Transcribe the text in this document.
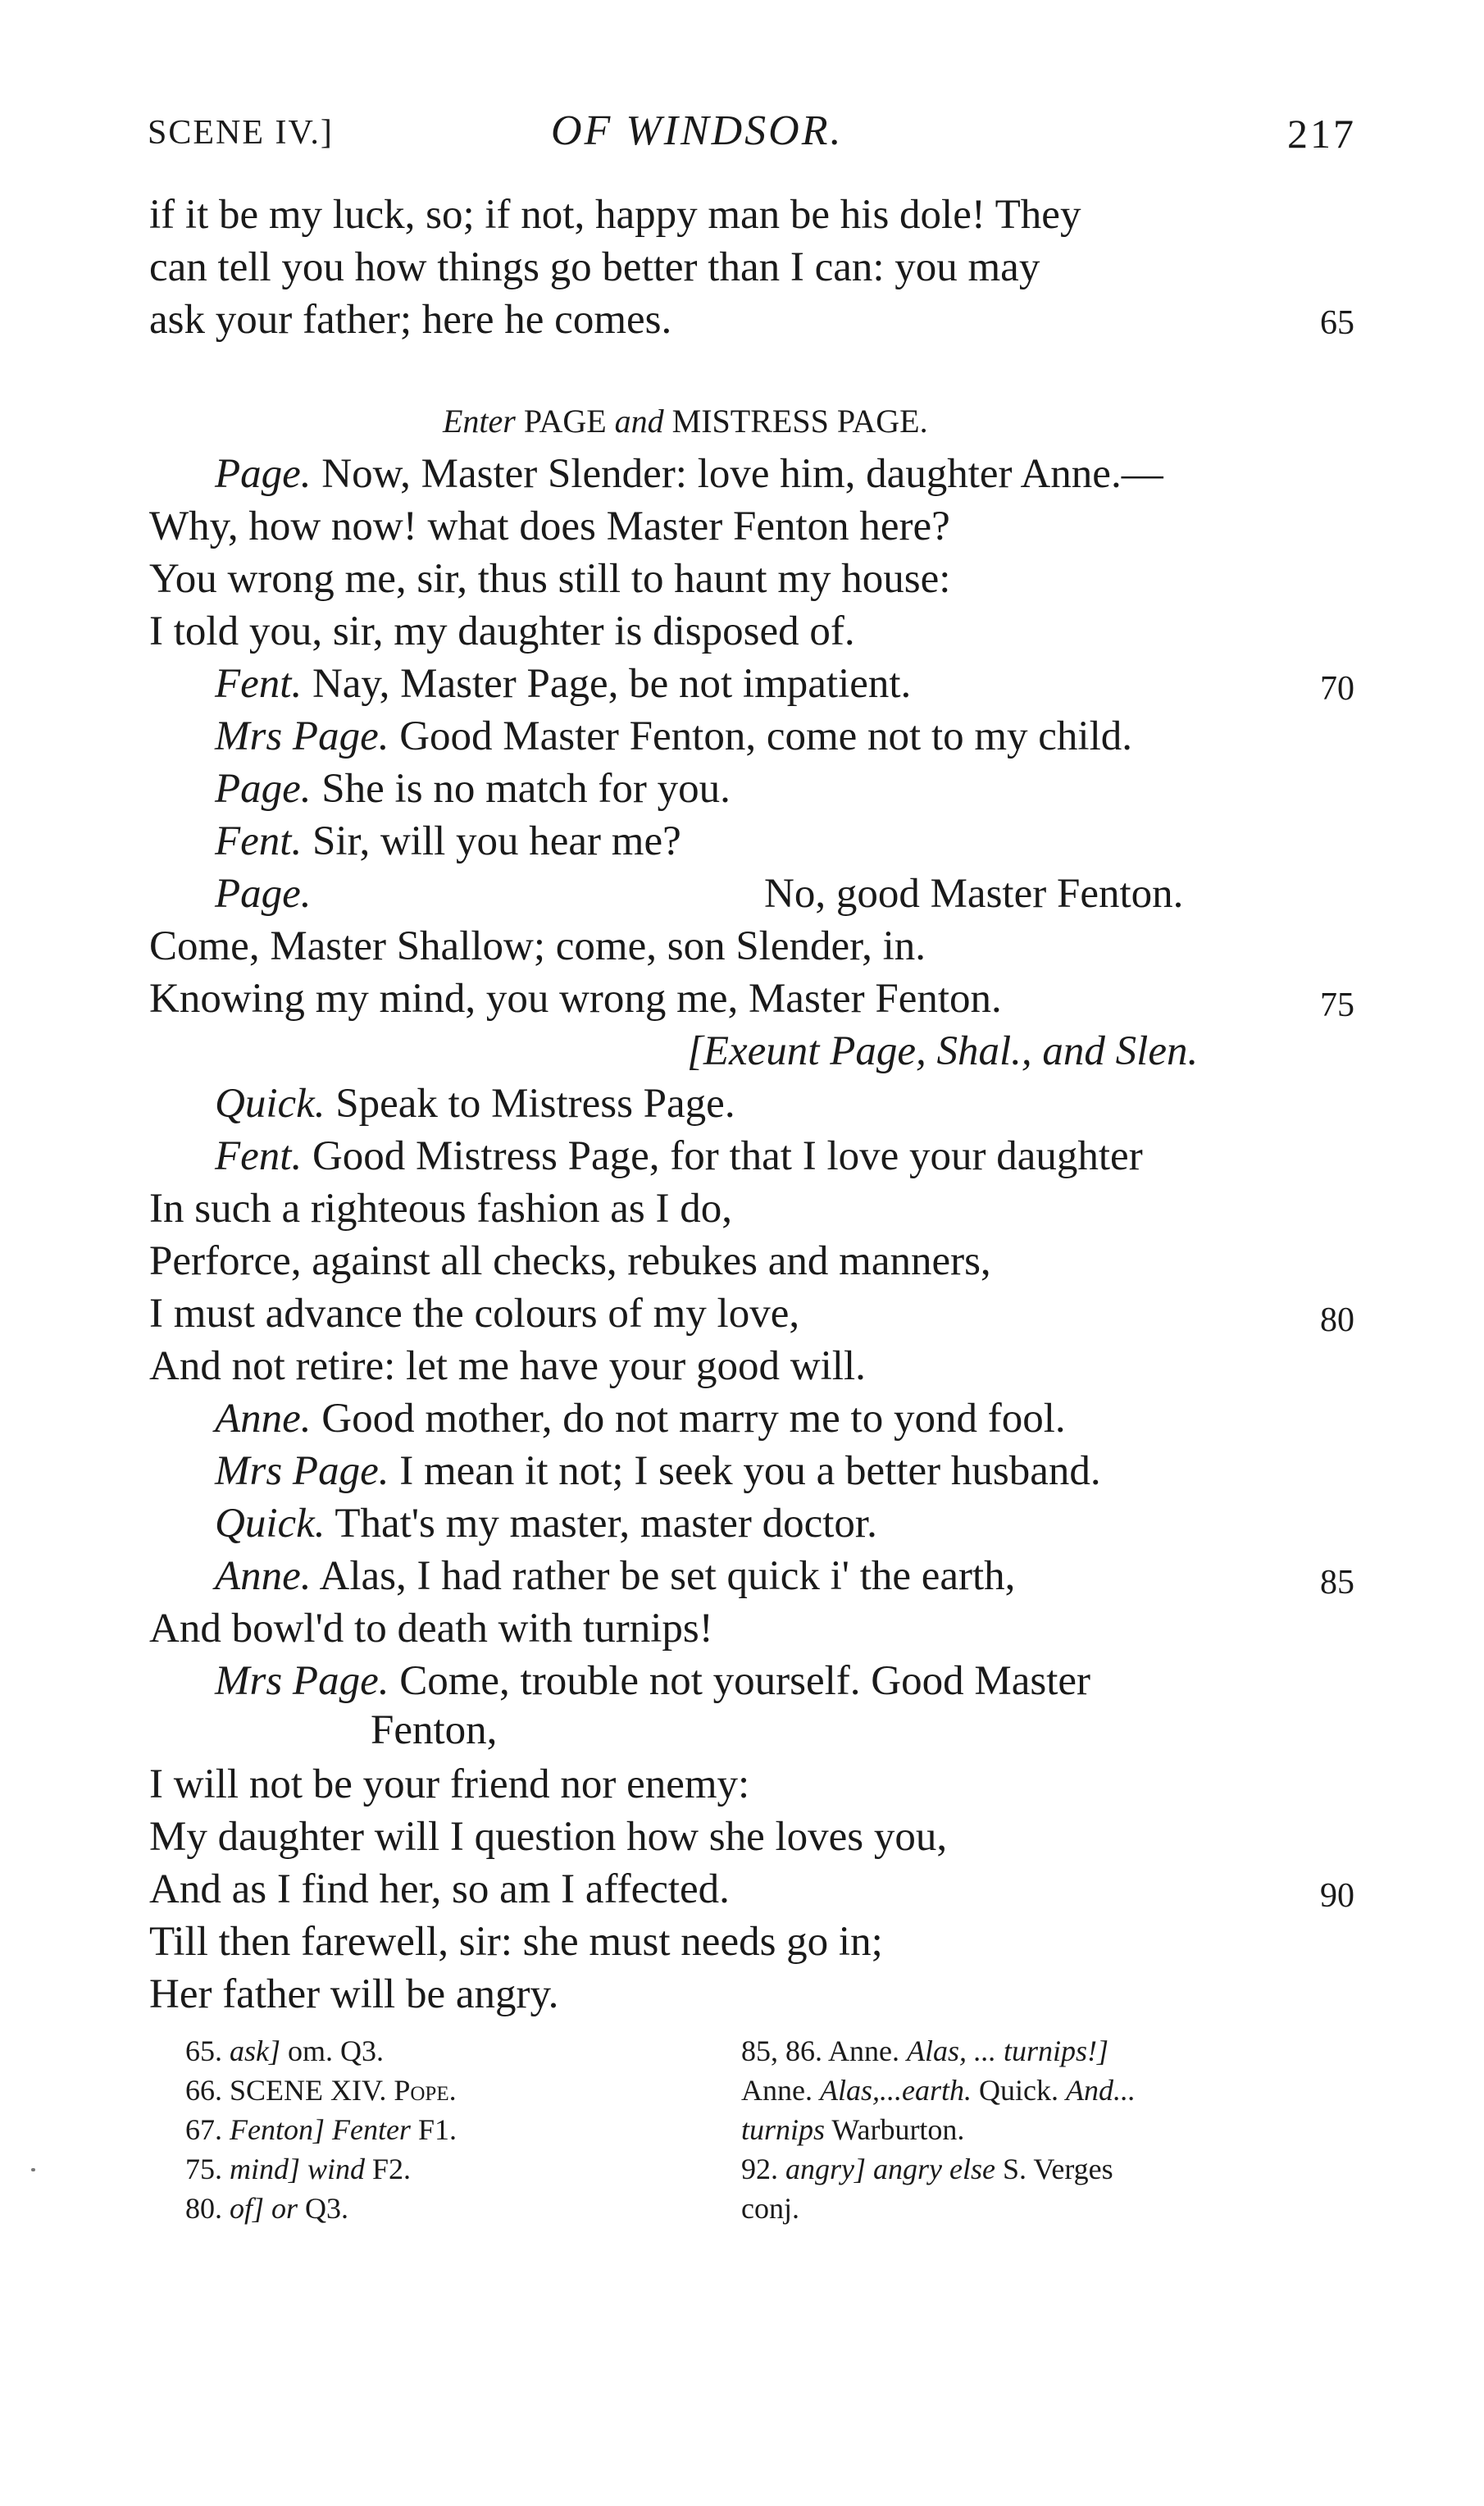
SCENE IV.]	OF WINDSOR.	217
if it be my luck, so; if not, happy man be his dole! They
can tell you how things go better than I can: you may
ask your father; here he comes.	65
Enter PAGE and MISTRESS PAGE.
Page. Now, Master Slender: love him, daughter Anne.—
Why, how now! what does Master Fenton here?
You wrong me, sir, thus still to haunt my house:
I told you, sir, my daughter is disposed of.
Fent. Nay, Master Page, be not impatient.	70
Mrs Page. Good Master Fenton, come not to my child.
Page. She is no match for you.
Fent. Sir, will you hear me?
Page.	No, good Master Fenton.
Come, Master Shallow; come, son Slender, in.
Knowing my mind, you wrong me, Master Fenton.	75
[Exeunt Page, Shal., and Slen.
Quick. Speak to Mistress Page.
Fent. Good Mistress Page, for that I love your daughter
In such a righteous fashion as I do,
Perforce, against all checks, rebukes and manners,
I must advance the colours of my love,	80
And not retire: let me have your good will.
Anne. Good mother, do not marry me to yond fool.
Mrs Page. I mean it not; I seek you a better husband.
Quick. That's my master, master doctor.
Anne. Alas, I had rather be set quick i' the earth,	85
And bowl'd to death with turnips!
Mrs Page. Come, trouble not yourself. Good Master
Fenton,
I will not be your friend nor enemy:
My daughter will I question how she loves you,
And as I find her, so am I affected.	90
Till then farewell, sir: she must needs go in;
Her father will be angry.
65. ask] om. Q3.
66. SCENE XIV. Pope.
67. Fenton] Fenter F1.
75. mind] wind F2.
80. of] or Q3.
85, 86. Anne. Alas, ... turnips!]
Anne. Alas,...earth. Quick. And...
turnips Warburton.
92. angry] angry else S. Verges
conj.
